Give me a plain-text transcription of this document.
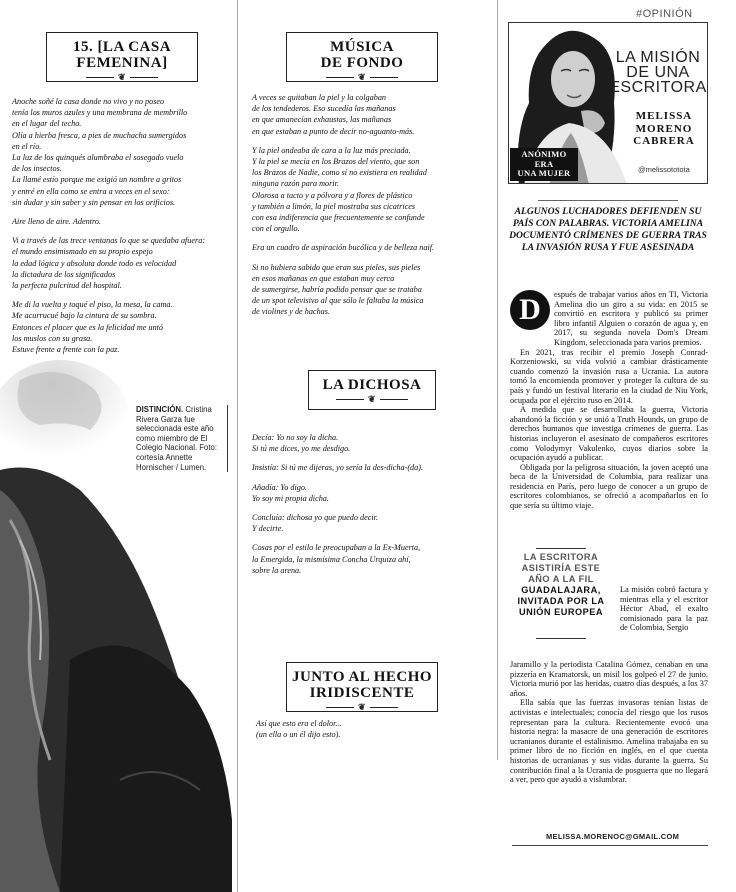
15. [LA CASA
FEMENINA]
❦
Anoche soñé la casa donde no vivo y no poseo
tenía los muros azules y una membrana de membrillo
en el lugar del techo.
Olía a hierba fresca, a pies de muchacha sumergidos
en el río.
La luz de los quinqués alumbraba el sosegado vuelo
de los insectos.
La llamé estío porque me exigió un nombre a gritos
y entré en ella como se entra a veces en el sexo:
sin dudar y sin saber y sin pensar en los orificios.
Aire lleno de aire. Adentro.
Vi a través de las trece ventanas lo que se quedaba afuera:
el mundo ensimismado en su propio espejo
la edad lógica y absoluta donde todo es velocidad
la dictadura de los significados
la perfecta pulcritud del hospital.
Me di la vuelta y toqué el piso, la mesa, la cama.
Me acurrucué bajo la cintura de su sombra.
Entonces el placer que es la felicidad me untó
los muslos con su grasa.
Estuve frente a frente con la paz.
MÚSICA
DE FONDO
❦
A veces se quitaban la piel y la colgaban
de los tendederos. Eso sucedía las mañanas
en que amanecían exhaustas, las mañanas
en que estaban a punto de decir no-aguanto-más.
Y la piel ondeaba de cara a la luz más preciada.
Y la piel se mecía en los Brazos del viento, que son
los Brazos de Nadie, como sí no existiera en realidad
ninguna razón para morir.
Olorosa a tacto y a pólvora y a flores de plástico
y también a limón, la piel mostraba sus cicatrices
con esa indiferencia que frecuentemente se confunde
con el orgullo.
Era un cuadro de aspiración bucólica y de belleza naif.
Si no hubiera sabido que eran sus pieles, sus pieles
en esos mañanas en que estaban muy cerca
de sumergirse, habría podido pensar que se trataba
de un spot televisivo al que sólo le faltaba la música
de violines y de hachas.
LA DICHOSA
❦
Decía: Yo no soy la dicha.
Si tú me dices, yo me desdigo.
Insistía: Si tú me dijeras, yo sería la des-dicha-(da).
Añadía: Yo digo.
Yo soy mi propia dicha.
Concluía: dichosa yo que puedo decir.
Y decirte.
Cosas por el estilo le preocupaban a la Ex-Muerta,
la Emergida, la mismísima Concha Urquiza ahí,
sobre la arena.
JUNTO AL HECHO
IRIDISCENTE
❦
Así que esto era el dolor...
(un ella o un él dijo esto).
DISTINCIÓN. Cristina Rivera Garza fue seleccionada este año como miembro de El Colegio Nacional. Foto: cortesía Annette Hornischer / Lumen.
#OPINIÓN
LA MISIÓN
DE UNA
ESCRITORA
MELISSA
MORENO
CABRERA
@melissototota
ANÓNIMO ERA
UNA MUJER
ALGUNOS LUCHADORES DEFIENDEN SU PAÍS CON PALABRAS. VICTORIA AMELINA DOCUMENTÓ CRÍMENES DE GUERRA TRAS LA INVASIÓN RUSA Y FUE ASESINADA
D	espués de trabajar varios años en TI, Victoria Amelina dio un giro a su vida: en 2015 se convirtió en escritora y publicó su primer libro infantil Alguien o corazón de agua y, en 2017, su segunda novela Dom's Dream Kingdom, seleccionada para varios premios.

En 2021, tras recibir el premio Joseph Conrad-Korzeniowski, su vida volvió a cambiar drásticamente cuando comenzó la invasión rusa a Ucrania. La autora tomó la encomienda promover y proteger la cultura de su país y fundó un festival literario en la ciudad de Niu York, ocupada por el ejército ruso en 2014.

A medida que se desarrollaba la guerra, Victoria abandonó la ficción y se unió a Truth Hounds, un grupo de derechos humanos que investiga crímenes de guerra. Las historias incluyeron el asesinato de compañeros escritores como Volodymyr Vakulenko, cuyos diarios sobre la ocupación ayudó a publicar.

Obligada por la peligrosa situación, la joven aceptó una beca de la Universidad de Columbia, para realizar una residencia en París, pero luego de conocer a un grupo de escritores colombianos, se ofreció a acompañarlos en lo que sería su último viaje.

LA ESCRITORA ASISTIRÍA ESTE AÑO A LA FIL
GUADALAJARA, INVITADA POR LA UNIÓN EUROPEA

La misión cobró factura y mientras ella y el escritor Héctor Abad, el exalto comisionado para la paz de Colombia, Sergio

Jaramillo y la periodista Catalina Gómez, cenaban en una pizzería en Kramatorsk, un misil los golpeó el 27 de junio. Victoria murió por las heridas, cuatro días después, a los 37 años.

Ella sabía que las fuerzas invasoras tenían listas de activistas e intelectuales; conocía del riesgo que los rusos representan para la cultura. Recientemente evocó una historia negra: la masacre de una generación de escritores ucranianos durante el estalinismo. Amelina trabajaba en su primer libro de no ficción en inglés, en el que cuenta historias de ucranianas y sus vidas durante la guerra. Su contribución final a la Ucrania de posguerra que no llegará a ver, pero que ayudó a vislumbrar.

MELISSA.MORENOC@GMAIL.COM
